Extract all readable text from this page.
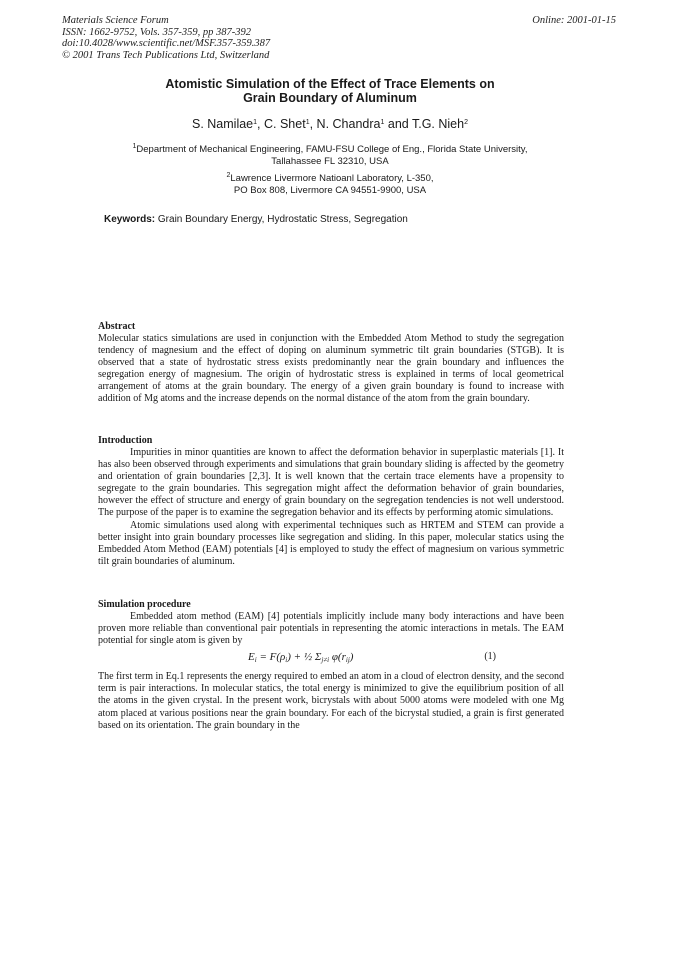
Materials Science Forum
ISSN: 1662-9752, Vols. 357-359, pp 387-392
doi:10.4028/www.scientific.net/MSF.357-359.387
© 2001 Trans Tech Publications Ltd, Switzerland
Online: 2001-01-15
Atomistic Simulation of the Effect of Trace Elements on
Grain Boundary of Aluminum
S. Namilae$^1$, C. Shet$^1$, N. Chandra$^1$ and T.G. Nieh$^2$
$^1$Department of Mechanical Engineering, FAMU-FSU College of Eng., Florida State University,
Tallahassee FL 32310, USA
$^2$Lawrence Livermore Natioanl Laboratory, L-350,
PO Box 808, Livermore CA 94551-9900, USA
Keywords: Grain Boundary Energy, Hydrostatic Stress, Segregation
Abstract

Molecular statics simulations are used in conjunction with the Embedded Atom Method to study the segregation tendency of magnesium and the effect of doping on aluminum symmetric tilt grain boundaries (STGB). It is observed that a state of hydrostatic stress exists predominantly near the grain boundary and influences the segregation energy of magnesium. The origin of hydrostatic stress is explained in terms of local geometrical arrangement of atoms at the grain boundary. The energy of a given grain boundary is found to increase with addition of Mg atoms and the increase depends on the normal distance of the atom from the grain boundary.

Introduction

Impurities in minor quantities are known to affect the deformation behavior in superplastic materials [1]. It has also been observed through experiments and simulations that grain boundary sliding is affected by the geometry and orientation of grain boundaries [2,3]. It is well known that the certain trace elements have a propensity to segregate to the grain boundaries. This segregation might affect the deformation behavior of grain boundaries, however the effect of structure and energy of grain boundary on the segregation tendencies is not well understood. The purpose of the paper is to examine the segregation behavior and its effects by performing atomic simulations.

Atomic simulations used along with experimental techniques such as HRTEM and STEM can provide a better insight into grain boundary processes like segregation and sliding. In this paper, molecular statics using the Embedded Atom Method (EAM) potentials [4] is employed to study the effect of magnesium on various symmetric tilt grain boundaries of aluminum.

Simulation procedure

Embedded atom method (EAM) [4] potentials implicitly include many body interactions and have been proven more reliable than conventional pair potentials in representing the atomic interactions in metals. The EAM potential for single atom is given by

$E_i = F(\rho_i)$ + ½ $\Sigma_{j\ne i}$ $\varphi(r_{ij})$	(1)

The first term in Eq.1 represents the energy required to embed an atom in a cloud of electron density, and the second term is pair interactions. In molecular statics, the total energy is minimized to give the equilibrium position of all the atoms in the given crystal. In the present work, bicrystals with about 5000 atoms were modeled with one Mg atom placed at various positions near the grain boundary. For each of the bicrystal studied, a grain is first generated based on its orientation. The grain boundary in the
